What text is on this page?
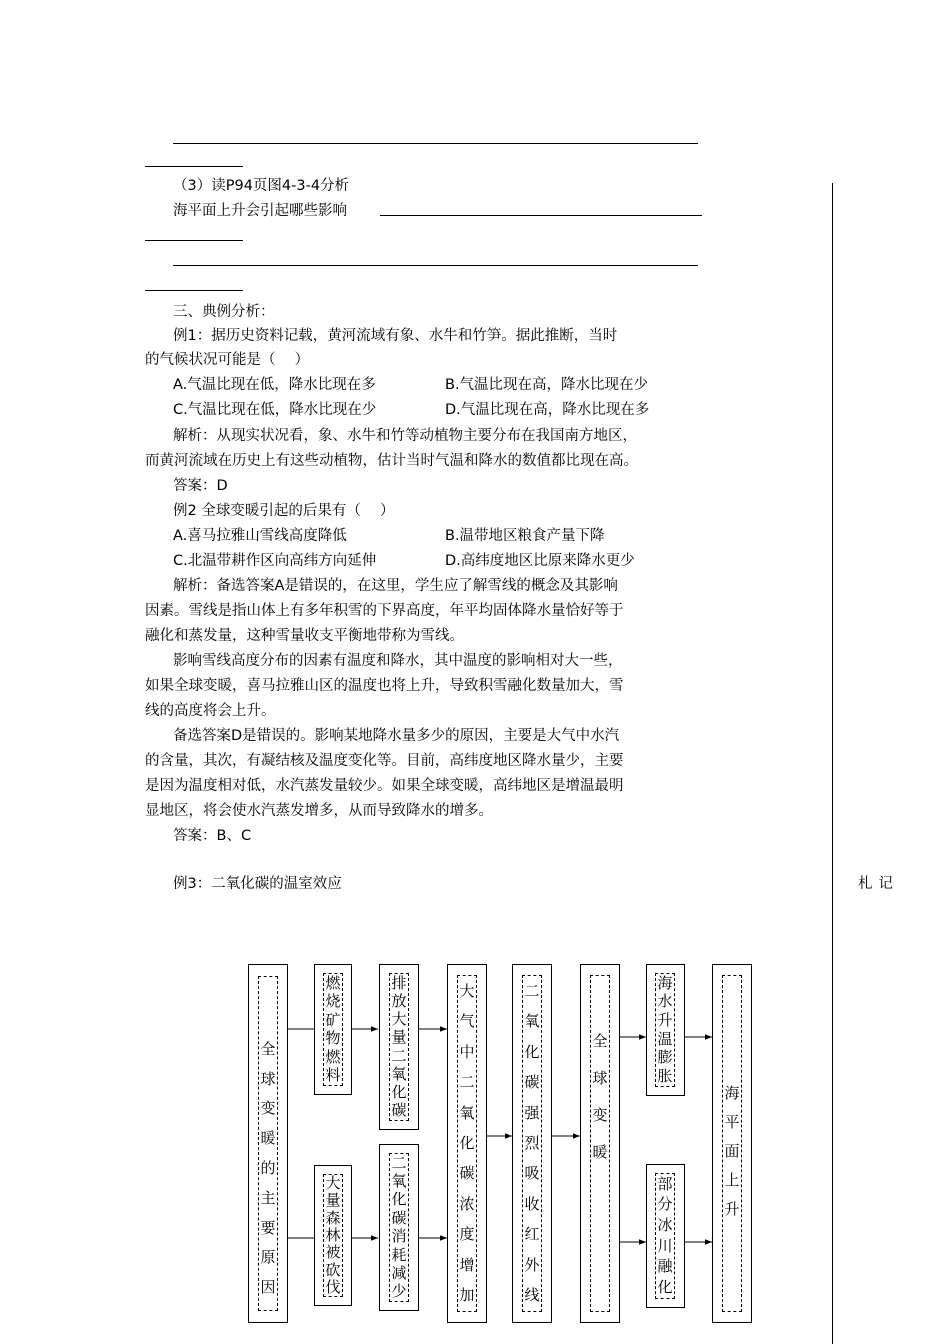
（3）读P94页图4-3-4分析
海平面上升会引起哪些影响
三、典例分析：
例1：据历史资料记载，黄河流域有象、水牛和竹笋。据此推断，当时
的气候状况可能是（　 ）
A.气温比现在低，降水比现在多	B.气温比现在高，降水比现在少
C.气温比现在低，降水比现在少	D.气温比现在高，降水比现在多
解析：从现实状况看，象、水牛和竹等动植物主要分布在我国南方地区，
而黄河流域在历史上有这些动植物，估计当时气温和降水的数值都比现在高。
答案：D
例2 全球变暖引起的后果有（　 ）
A.喜马拉雅山雪线高度降低	B.温带地区粮食产量下降
C.北温带耕作区向高纬方向延伸	D.高纬度地区比原来降水更少
解析：备选答案A是错误的，在这里，学生应了解雪线的概念及其影响
因素。雪线是指山体上有多年积雪的下界高度，年平均固体降水量恰好等于
融化和蒸发量，这种雪量收支平衡地带称为雪线。
影响雪线高度分布的因素有温度和降水，其中温度的影响相对大一些，
如果全球变暖，喜马拉雅山区的温度也将上升，导致积雪融化数量加大，雪
线的高度将会上升。
备选答案D是错误的。影响某地降水量多少的原因，主要是大气中水汽
的含量，其次，有凝结核及温度变化等。目前，高纬度地区降水量少，主要
是因为温度相对低，水汽蒸发量较少。如果全球变暖，高纬地区是增温最明
显地区，将会使水汽蒸发增多，从而导致降水的增多。
答案：B、C
例3：二氧化碳的温室效应	札记
全
球
变
暖
的
主
要
原
因
燃
烧
矿
物
燃
料
排
放
大
量
二
氧
化
碳
大
量
森
林
被
砍
伐
二
氧
化
碳
消
耗
减
少
大
气
中
二
氧
化
碳
浓
度
增
加
二
氧
化
碳
强
烈
吸
收
红
外
线
全
球
变
暖
海
水
升
温
膨
胀
部
分
冰
川
融
化
海
平
面
上
升
